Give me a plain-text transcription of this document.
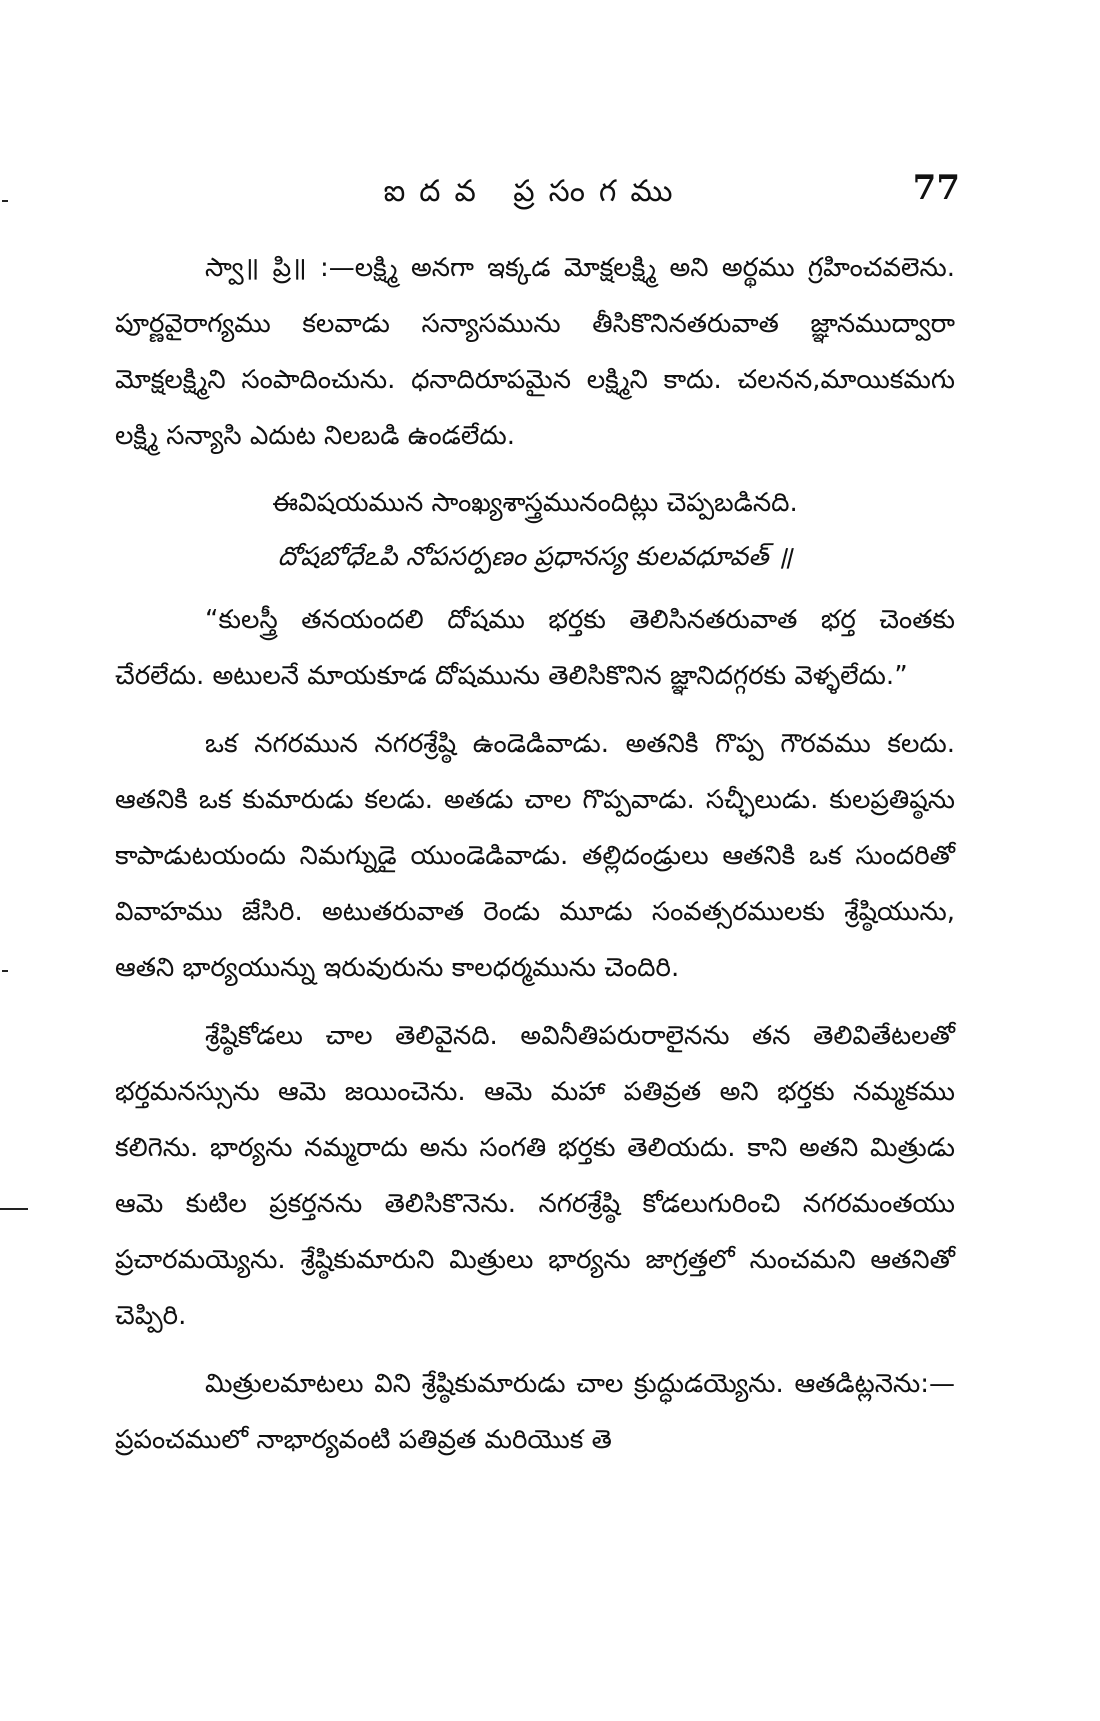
ఐదవ ప్రసంగము	77

స్వా॥ ప్రి॥ :—లక్ష్మి అనగా ఇక్కడ మోక్షలక్ష్మి అని అర్థము గ్రహించవలెను. పూర్ణవైరాగ్యము కలవాడు సన్యాసమును తీసికొనినతరువాత జ్ఞానముద్వారా మోక్షలక్ష్మిని సంపాదించును. ధనాదిరూపమైన లక్ష్మిని కాదు. చలనన,మాయికమగు లక్ష్మి సన్యాసి ఎదుట నిలబడి ఉండలేదు.

ఈవిషయమున సాంఖ్యశాస్త్రమునందిట్లు చెప్పబడినది.

దోషబోధేఽపి నోపసర్పణం ప్రధానస్య కులవధూవత్ ॥

“కులస్త్రీ తనయందలి దోషము భర్తకు తెలిసినతరువాత భర్త చెంతకు చేరలేదు. అటులనే మాయకూడ దోషమును తెలిసికొనిన జ్ఞానిదగ్గరకు వెళ్ళలేదు.”

ఒక నగరమున నగరశ్రేష్ఠి ఉండెడివాడు. అతనికి గొప్ప గౌరవము కలదు. ఆతనికి ఒక కుమారుడు కలడు. అతడు చాల గొప్పవాడు. సచ్ఛీలుడు. కులప్రతిష్ఠను కాపాడుటయందు నిమగ్నుడై యుండెడివాడు. తల్లిదండ్రులు ఆతనికి ఒక సుందరితో వివాహము జేసిరి. అటుతరువాత రెండు మూడు సంవత్సరములకు శ్రేష్ఠియును, ఆతని భార్యయున్ను ఇరువురును కాలధర్మమును చెందిరి.

శ్రేష్ఠికోడలు చాల తెలివైనది. అవినీతిపరురాలైనను తన తెలివితేటలతో భర్తమనస్సును ఆమె జయించెను. ఆమె మహా పతివ్రత అని భర్తకు నమ్మకము కలిగెను. భార్యను నమ్మరాదు అను సంగతి భర్తకు తెలియదు. కాని అతని మిత్రుడు ఆమె కుటిల ప్రకర్తనను తెలిసికొనెను. నగరశ్రేష్ఠి కోడలుగురించి నగరమంతయు ప్రచారమయ్యెను. శ్రేష్ఠికుమారుని మిత్రులు భార్యను జాగ్రత్తలో నుంచమని ఆతనితో చెప్పిరి.

మిత్రులమాటలు విని శ్రేష్ఠికుమారుడు చాల క్రుద్ధుడయ్యెను. ఆతడిట్లనెను:— ప్రపంచములో నాభార్యవంటి పతివ్రత మరియొక తె
